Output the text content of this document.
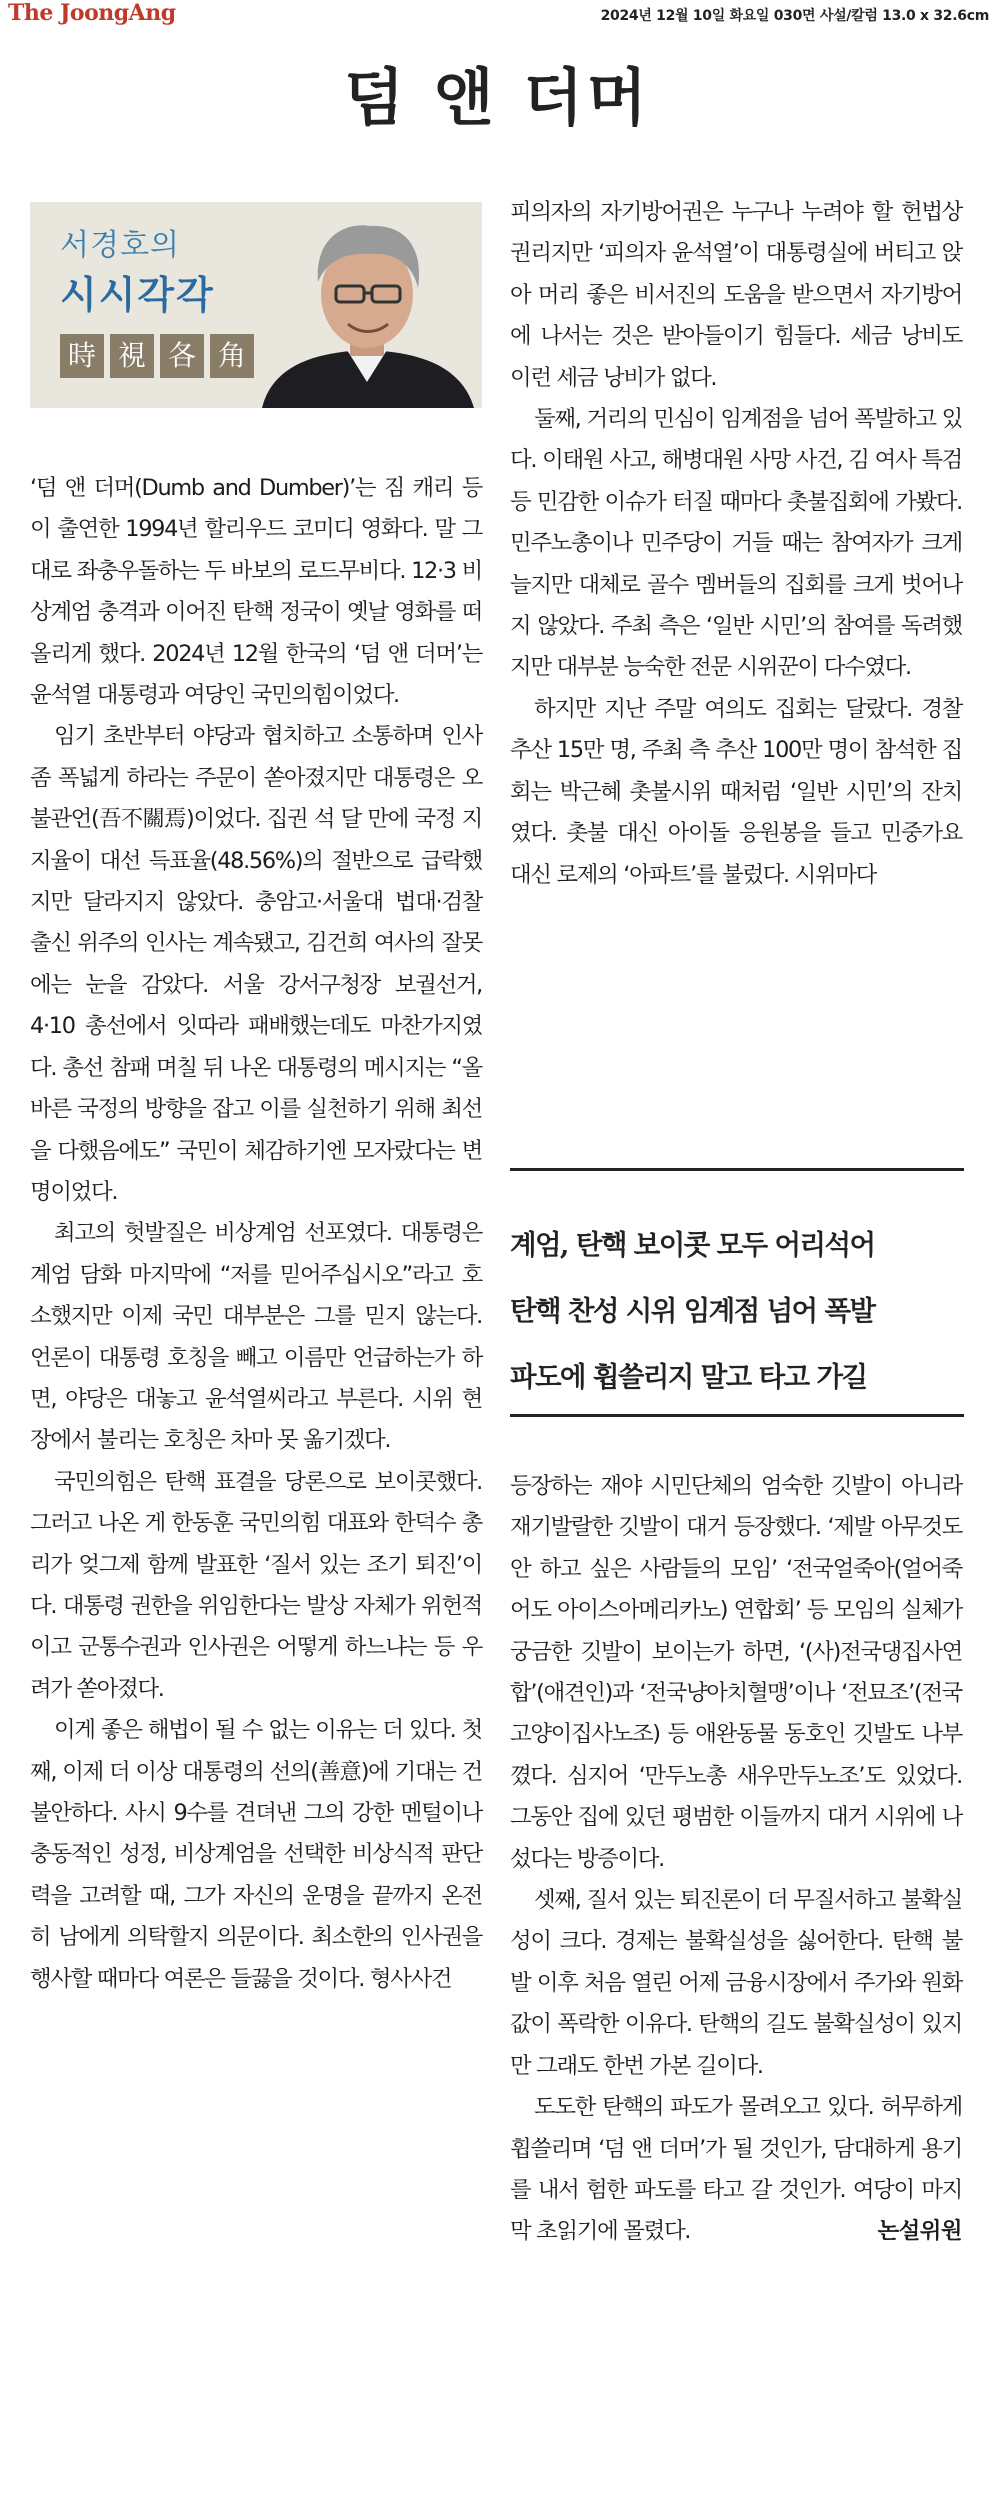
The JoongAng	2024년 12월 10일 화요일 030면 사설/칼럼 13.0 x 32.6cm
덤 앤 더머
서경호의
시시각각
時 視 各 角

‘덤 앤 더머(Dumb and Dumber)’는 짐 캐리 등이 출연한 1994년 할리우드 코미디 영화다. 말 그대로 좌충우돌하는 두 바보의 로드무비다. 12·3 비상계엄 충격과 이어진 탄핵 정국이 옛날 영화를 떠올리게 했다. 2024년 12월 한국의 ‘덤 앤 더머’는 윤석열 대통령과 여당인 국민의힘이었다.

임기 초반부터 야당과 협치하고 소통하며 인사 좀 폭넓게 하라는 주문이 쏟아졌지만 대통령은 오불관언(吾不關焉)이었다. 집권 석 달 만에 국정 지지율이 대선 득표율(48.56%)의 절반으로 급락했지만 달라지지 않았다. 충암고·서울대 법대·검찰 출신 위주의 인사는 계속됐고, 김건희 여사의 잘못에는 눈을 감았다. 서울 강서구청장 보궐선거, 4·10 총선에서 잇따라 패배했는데도 마찬가지였다. 총선 참패 며칠 뒤 나온 대통령의 메시지는 “올바른 국정의 방향을 잡고 이를 실천하기 위해 최선을 다했음에도” 국민이 체감하기엔 모자랐다는 변명이었다.

최고의 헛발질은 비상계엄 선포였다. 대통령은 계엄 담화 마지막에 “저를 믿어주십시오”라고 호소했지만 이제 국민 대부분은 그를 믿지 않는다. 언론이 대통령 호칭을 빼고 이름만 언급하는가 하면, 야당은 대놓고 윤석열씨라고 부른다. 시위 현장에서 불리는 호칭은 차마 못 옮기겠다.

국민의힘은 탄핵 표결을 당론으로 보이콧했다. 그러고 나온 게 한동훈 국민의힘 대표와 한덕수 총리가 엊그제 함께 발표한 ‘질서 있는 조기 퇴진’이다. 대통령 권한을 위임한다는 발상 자체가 위헌적이고 군통수권과 인사권은 어떻게 하느냐는 등 우려가 쏟아졌다.

이게 좋은 해법이 될 수 없는 이유는 더 있다. 첫째, 이제 더 이상 대통령의 선의(善意)에 기대는 건 불안하다. 사시 9수를 견뎌낸 그의 강한 멘털이나 충동적인 성정, 비상계엄을 선택한 비상식적 판단력을 고려할 때, 그가 자신의 운명을 끝까지 온전히 남에게 의탁할지 의문이다. 최소한의 인사권을 행사할 때마다 여론은 들끓을 것이다. 형사사건

피의자의 자기방어권은 누구나 누려야 할 헌법상 권리지만 ‘피의자 윤석열’이 대통령실에 버티고 앉아 머리 좋은 비서진의 도움을 받으면서 자기방어에 나서는 것은 받아들이기 힘들다. 세금 낭비도 이런 세금 낭비가 없다.

둘째, 거리의 민심이 임계점을 넘어 폭발하고 있다. 이태원 사고, 해병대원 사망 사건, 김 여사 특검 등 민감한 이슈가 터질 때마다 촛불집회에 가봤다. 민주노총이나 민주당이 거들 때는 참여자가 크게 늘지만 대체로 골수 멤버들의 집회를 크게 벗어나지 않았다. 주최 측은 ‘일반 시민’의 참여를 독려했지만 대부분 능숙한 전문 시위꾼이 다수였다.

하지만 지난 주말 여의도 집회는 달랐다. 경찰 추산 15만 명, 주최 측 추산 100만 명이 참석한 집회는 박근혜 촛불시위 때처럼 ‘일반 시민’의 잔치였다. 촛불 대신 아이돌 응원봉을 들고 민중가요 대신 로제의 ‘아파트’를 불렀다. 시위마다

계엄, 탄핵 보이콧 모두 어리석어

탄핵 찬성 시위 임계점 넘어 폭발

파도에 휩쓸리지 말고 타고 가길

등장하는 재야 시민단체의 엄숙한 깃발이 아니라 재기발랄한 깃발이 대거 등장했다. ‘제발 아무것도 안 하고 싶은 사람들의 모임’ ‘전국얼죽아(얼어죽어도 아이스아메리카노) 연합회’ 등 모임의 실체가 궁금한 깃발이 보이는가 하면, ‘(사)전국댕집사연합’(애견인)과 ‘전국냥아치혈맹’이나 ‘전묘조’(전국고양이집사노조) 등 애완동물 동호인 깃발도 나부꼈다. 심지어 ‘만두노총 새우만두노조’도 있었다. 그동안 집에 있던 평범한 이들까지 대거 시위에 나섰다는 방증이다.

셋째, 질서 있는 퇴진론이 더 무질서하고 불확실성이 크다. 경제는 불확실성을 싫어한다. 탄핵 불발 이후 처음 열린 어제 금융시장에서 주가와 원화 값이 폭락한 이유다. 탄핵의 길도 불확실성이 있지만 그래도 한번 가본 길이다.

도도한 탄핵의 파도가 몰려오고 있다. 허무하게 휩쓸리며 ‘덤 앤 더머’가 될 것인가, 담대하게 용기를 내서 험한 파도를 타고 갈 것인가. 여당이 마지막 초읽기에 몰렸다.	논설위원
